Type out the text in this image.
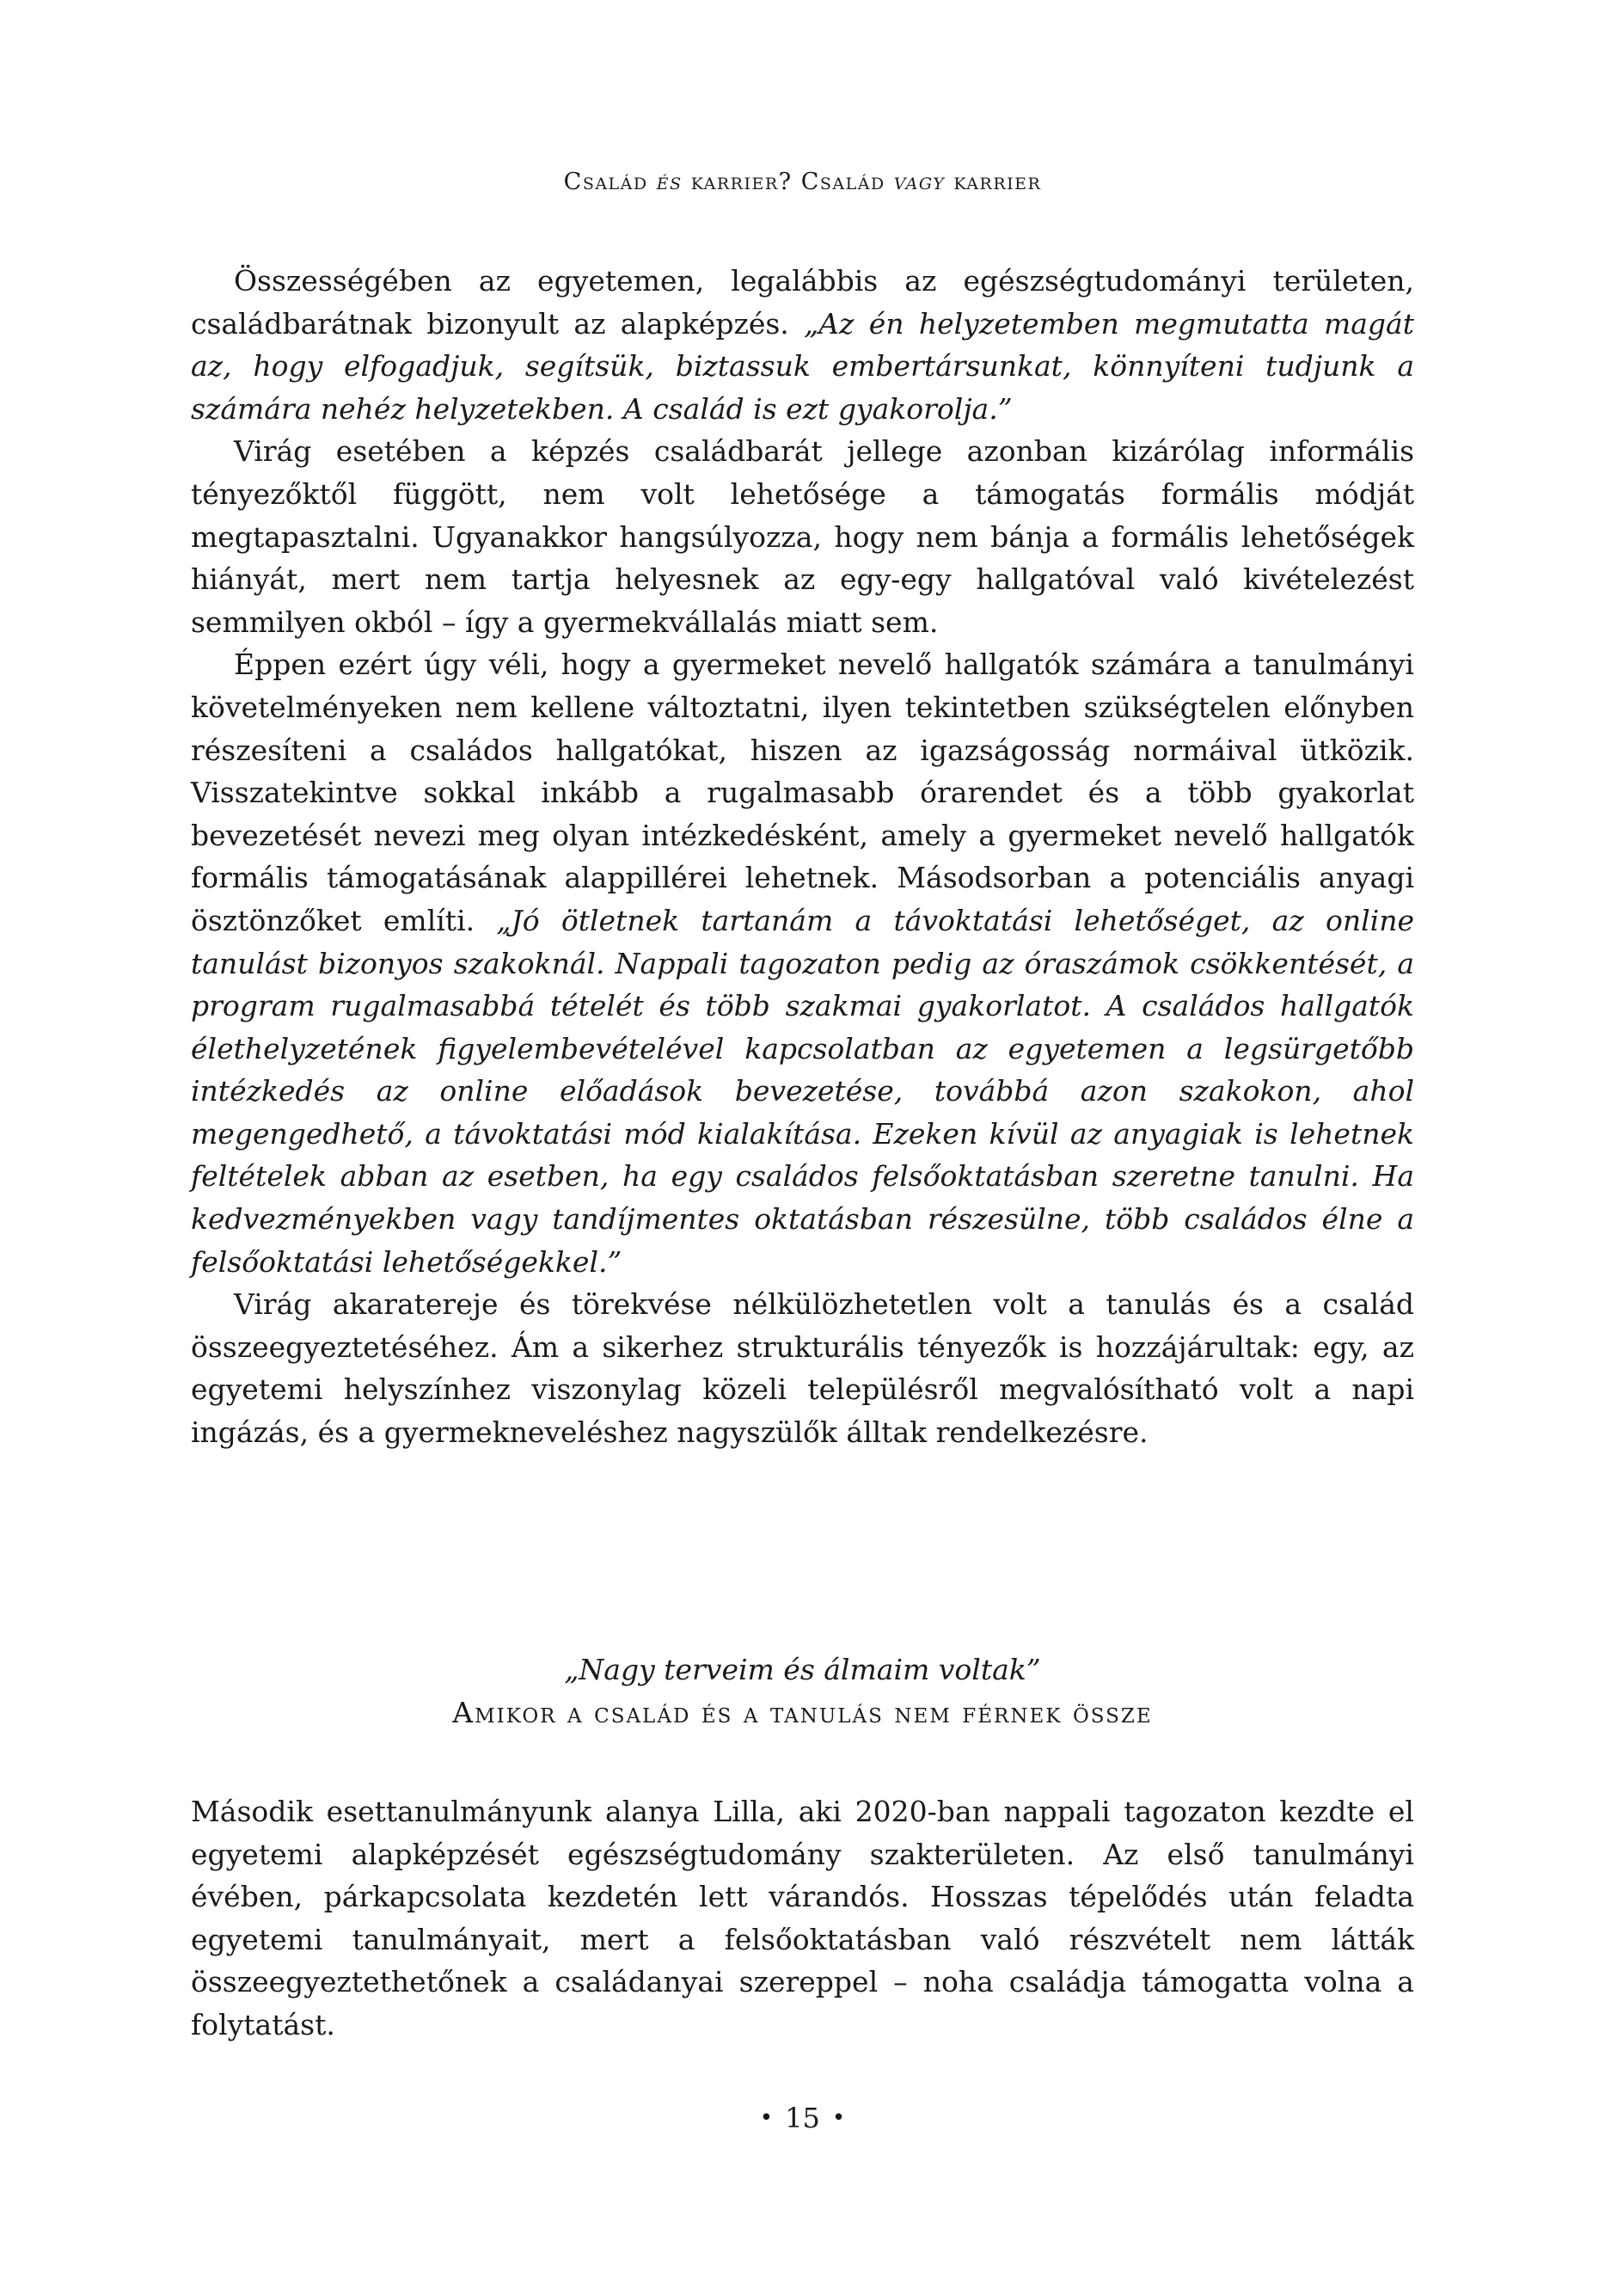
Család és karrier? Család vagy karrier

Összességében az egyetemen, legalábbis az egészségtudományi területen, családbarátnak bizonyult az alapképzés. „Az én helyzetemben megmutatta magát az, hogy elfogadjuk, segítsük, biztassuk embertársunkat, könnyíteni tudjunk a számára nehéz helyzetekben. A család is ezt gyakorolja.”

Virág esetében a képzés családbarát jellege azonban kizárólag informális tényezőktől függött, nem volt lehetősége a támogatás formális módját megtapasztalni. Ugyanakkor hangsúlyozza, hogy nem bánja a formális lehetőségek hiányát, mert nem tartja helyesnek az egy-egy hallgatóval való kivételezést semmilyen okból – így a gyermekvállalás miatt sem.

Éppen ezért úgy véli, hogy a gyermeket nevelő hallgatók számára a tanulmányi követelményeken nem kellene változtatni, ilyen tekintetben szükségtelen előnyben részesíteni a családos hallgatókat, hiszen az igazságosság normáival ütközik. Visszatekintve sokkal inkább a rugalmasabb órarendet és a több gyakorlat bevezetését nevezi meg olyan intézkedésként, amely a gyermeket nevelő hallgatók formális támogatásának alappillérei lehetnek. Másodsorban a potenciális anyagi ösztönzőket említi. „Jó ötletnek tartanám a távoktatási lehetőséget, az online tanulást bizonyos szakoknál. Nappali tagozaton pedig az óraszámok csökkentését, a program rugalmasabbá tételét és több szakmai gyakorlatot. A családos hallgatók élethelyzetének figyelembevételével kapcsolatban az egyetemen a legsürgetőbb intézkedés az online előadások bevezetése, továbbá azon szakokon, ahol megengedhető, a távoktatási mód kialakítása. Ezeken kívül az anyagiak is lehetnek feltételek abban az esetben, ha egy családos felsőoktatásban szeretne tanulni. Ha kedvezményekben vagy tandíjmentes oktatásban részesülne, több családos élne a felsőoktatási lehetőségekkel.”

Virág akaratereje és törekvése nélkülözhetetlen volt a tanulás és a család összeegyeztetéséhez. Ám a sikerhez strukturális tényezők is hozzájárultak: egy, az egyetemi helyszínhez viszonylag közeli településről megvalósítható volt a napi ingázás, és a gyermekneveléshez nagyszülők álltak rendelkezésre.

„Nagy terveim és álmaim voltak”
Amikor a család és a tanulás nem férnek össze

Második esettanulmányunk alanya Lilla, aki 2020-ban nappali tagozaton kezdte el egyetemi alapképzését egészségtudomány szakterületen. Az első tanulmányi évében, párkapcsolata kezdetén lett várandós. Hosszas tépelődés után feladta egyetemi tanulmányait, mert a felsőoktatásban való részvételt nem látták összeegyeztethetőnek a családanyai szereppel – noha családja támogatta volna a folytatást.

• 15 •
